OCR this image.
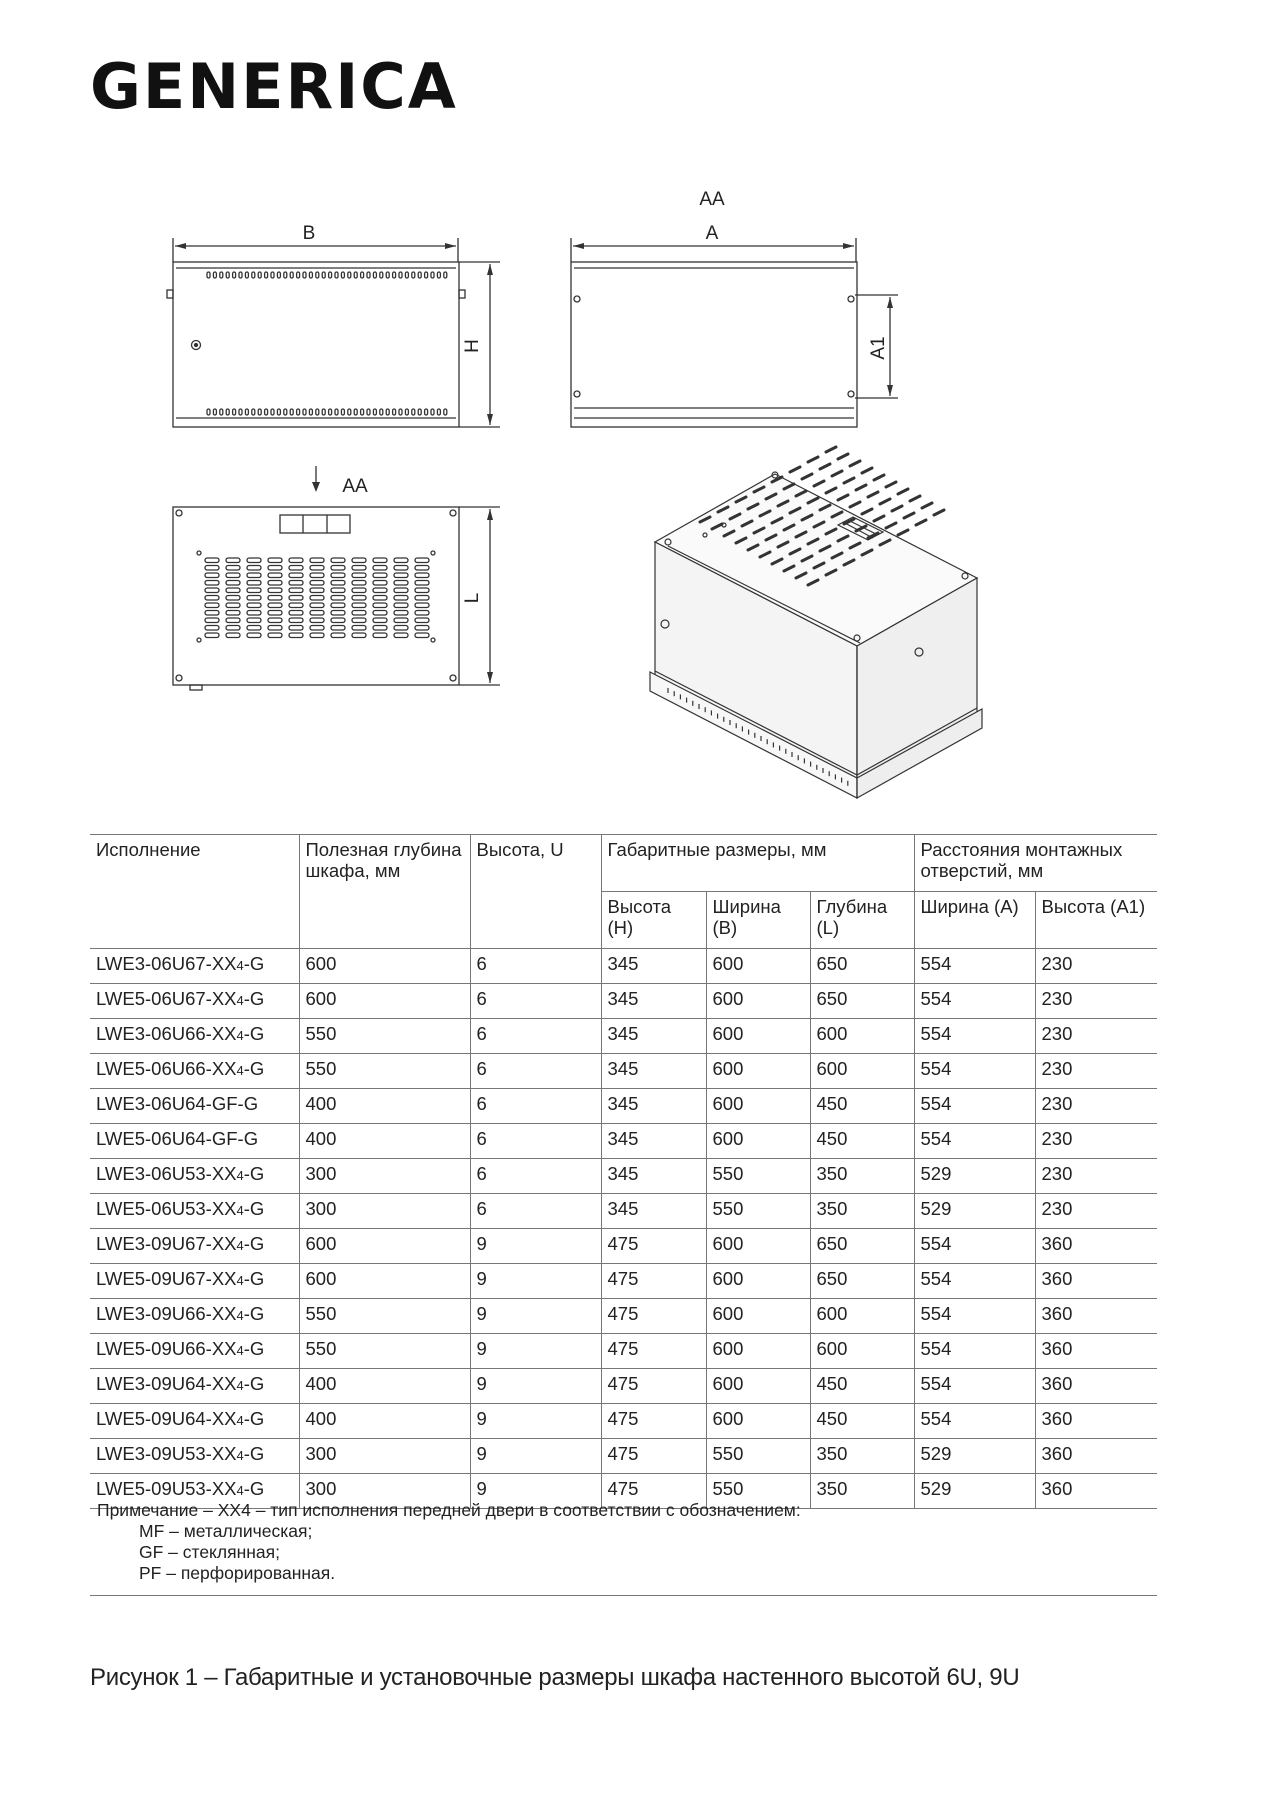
GENERICA
B
H
AA
A
A1
AA
L
Исполнение	Полезная глубина шкафа, мм	Высота, U	Габаритные размеры, мм			Расстояния монтажных отверстий, мм	
			Высота (H)	Ширина (B)	Глубина (L)	Ширина (A)	Высота (A1)
LWE3-06U67-XX4-G	600	6	345	600	650	554	230
LWE5-06U67-XX4-G	600	6	345	600	650	554	230
LWE3-06U66-XX4-G	550	6	345	600	600	554	230
LWE5-06U66-XX4-G	550	6	345	600	600	554	230
LWE3-06U64-GF-G	400	6	345	600	450	554	230
LWE5-06U64-GF-G	400	6	345	600	450	554	230
LWE3-06U53-XX4-G	300	6	345	550	350	529	230
LWE5-06U53-XX4-G	300	6	345	550	350	529	230
LWE3-09U67-XX4-G	600	9	475	600	650	554	360
LWE5-09U67-XX4-G	600	9	475	600	650	554	360
LWE3-09U66-XX4-G	550	9	475	600	600	554	360
LWE5-09U66-XX4-G	550	9	475	600	600	554	360
LWE3-09U64-XX4-G	400	9	475	600	450	554	360
LWE5-09U64-XX4-G	400	9	475	600	450	554	360
LWE3-09U53-XX4-G	300	9	475	550	350	529	360
LWE5-09U53-XX4-G	300	9	475	550	350	529	360
Примечание – XX4 – тип исполнения передней двери в соответствии с обозначением:
MF – металлическая;
GF – стеклянная;
PF – перфорированная.
Рисунок 1 – Габаритные и установочные размеры шкафа настенного высотой 6U, 9U
